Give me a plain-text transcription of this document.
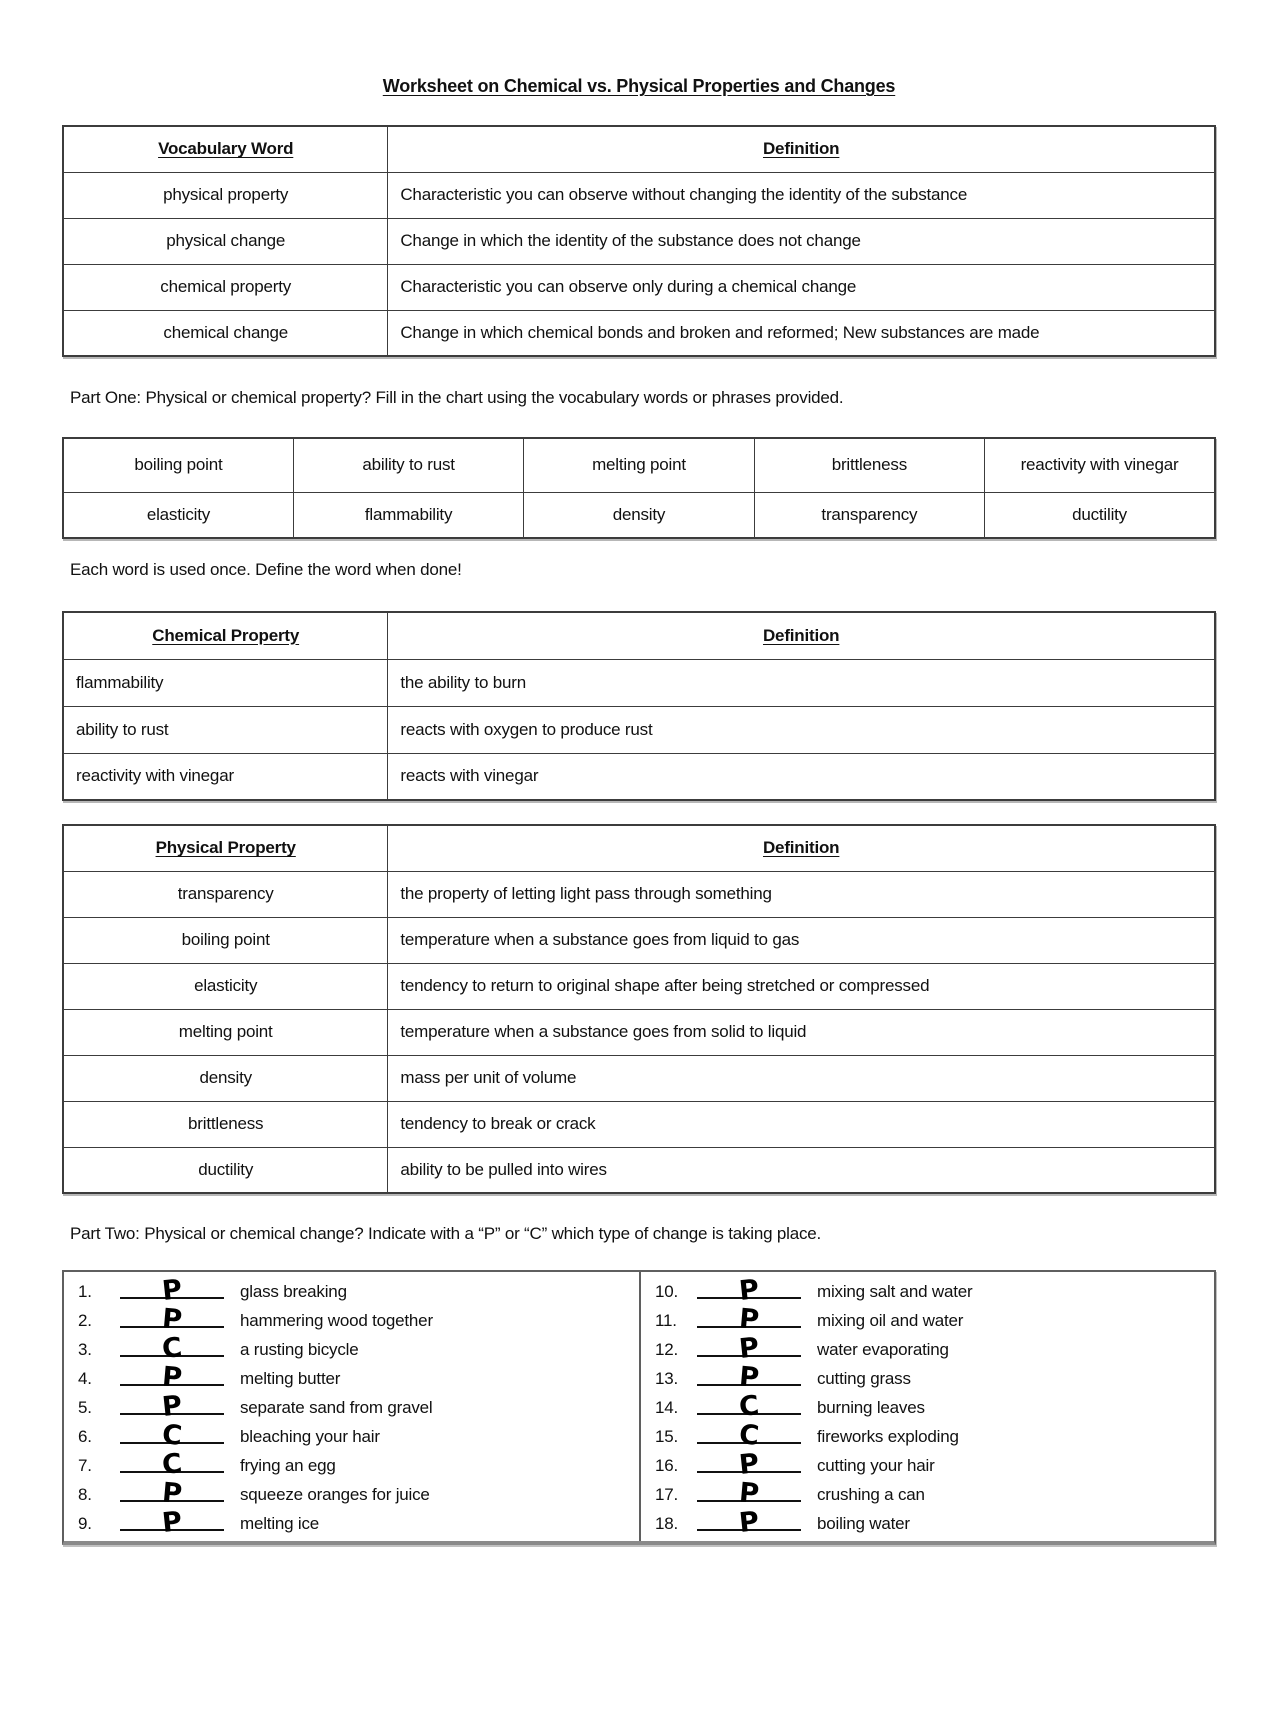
Worksheet on Chemical vs. Physical Properties and Changes
Vocabulary Word	Definition
physical property	Characteristic you can observe without changing the identity of the substance
physical change	Change in which the identity of the substance does not change
chemical property	Characteristic you can observe only during a chemical change
chemical change	Change in which chemical bonds and broken and reformed; New substances are made

Part One: Physical or chemical property? Fill in the chart using the vocabulary words or phrases provided.

boiling point	ability to rust	melting point	brittleness	reactivity with vinegar
elasticity	flammability	density	transparency	ductility

Each word is used once. Define the word when done!

Chemical Property	Definition
flammability	the ability to burn
ability to rust	reacts with oxygen to produce rust
reactivity with vinegar	reacts with vinegar
Physical Property	Definition
transparency	the property of letting light pass through something
boiling point	temperature when a substance goes from liquid to gas
elasticity	tendency to return to original shape after being stretched or compressed
melting point	temperature when a substance goes from solid to liquid
density	mass per unit of volume
brittleness	tendency to break or crack
ductility	ability to be pulled into wires

Part Two: Physical or chemical change? Indicate with a “P” or “C” which type of change is taking place.

1.	P	glass breaking
2.	P	hammering wood together
3.	C	a rusting bicycle
4.	P	melting butter
5.	P	separate sand from gravel
6.	C	bleaching your hair
7.	C	frying an egg
8.	P	squeeze oranges for juice
9.	P	melting ice
10. P	mixing salt and water
11. P	mixing oil and water
12. P	water evaporating
13. P	cutting grass
14. C	burning leaves
15. C	fireworks exploding
16. P	cutting your hair
17. P	crushing a can
18. P	boiling water
